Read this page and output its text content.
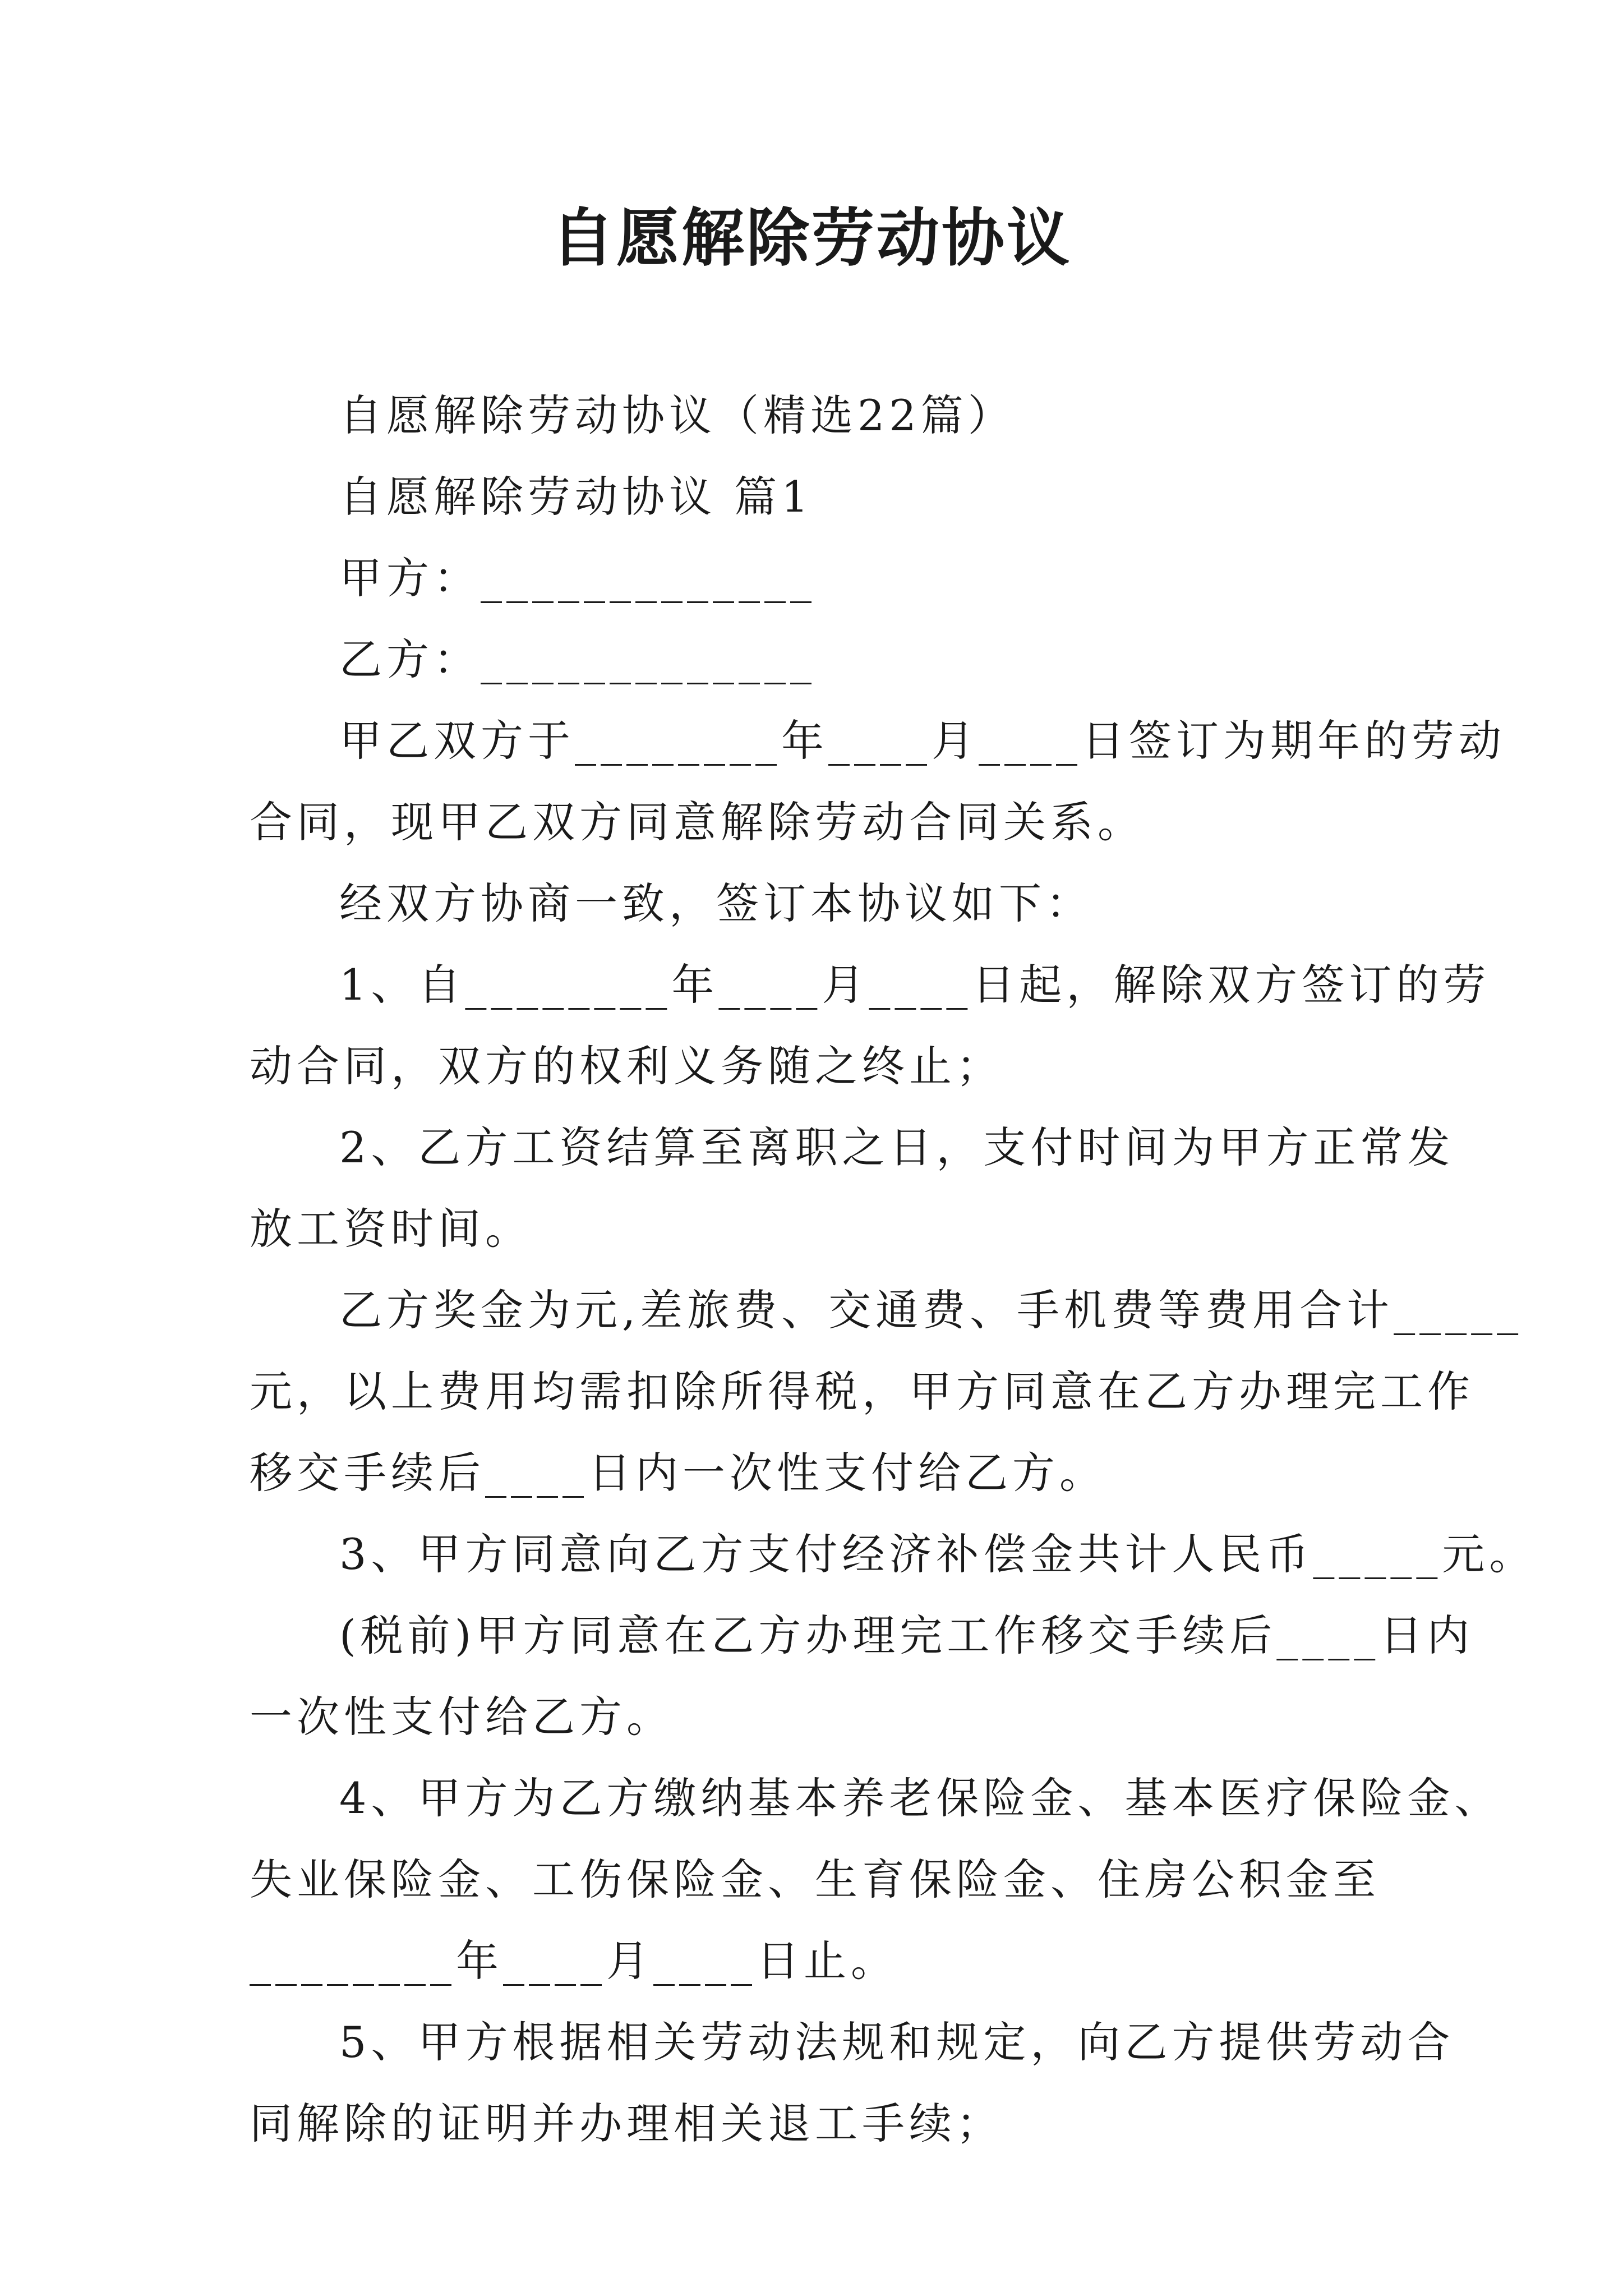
自愿解除劳动协议
自愿解除劳动协议（精选22篇）
自愿解除劳动协议 篇1
甲方：_____________
乙方：_____________
甲乙双方于________年____月____日签订为期年的劳动
合同，现甲乙双方同意解除劳动合同关系。
经双方协商一致，签订本协议如下：
1、自________年____月____日起，解除双方签订的劳
动合同，双方的权利义务随之终止；
2、乙方工资结算至离职之日，支付时间为甲方正常发
放工资时间。
乙方奖金为元,差旅费、交通费、手机费等费用合计_____
元，以上费用均需扣除所得税，甲方同意在乙方办理完工作
移交手续后____日内一次性支付给乙方。
3、甲方同意向乙方支付经济补偿金共计人民币_____元。
(税前)甲方同意在乙方办理完工作移交手续后____日内
一次性支付给乙方。
4、甲方为乙方缴纳基本养老保险金、基本医疗保险金、
失业保险金、工伤保险金、生育保险金、住房公积金至
________年____月____日止。
5、甲方根据相关劳动法规和规定，向乙方提供劳动合
同解除的证明并办理相关退工手续；
